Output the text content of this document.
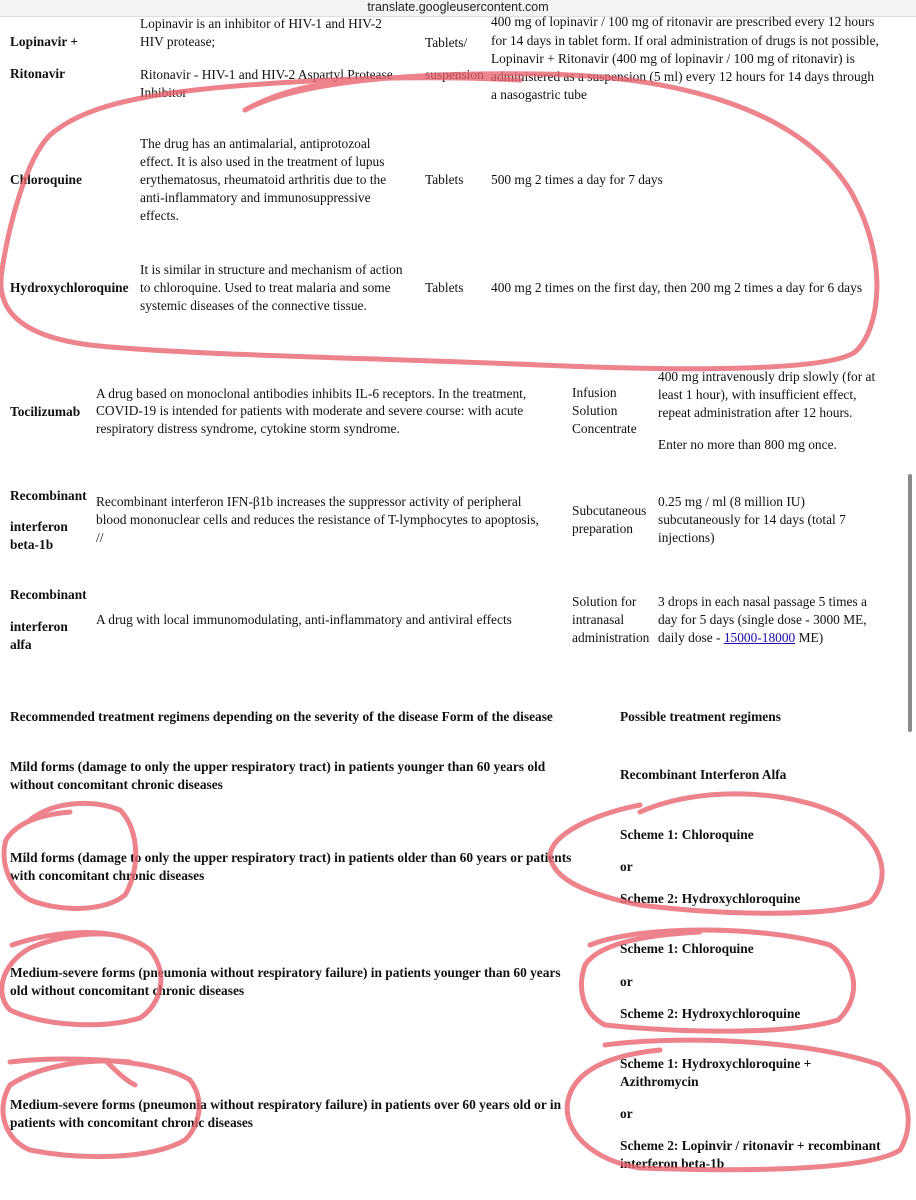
translate.googleusercontent.com
Lopinavir +
Ritonavir
Lopinavir is an inhibitor of HIV-1 and HIV-2
HIV protease;
Ritonavir - HIV-1 and HIV-2 Aspartyl Protease
Inhibitor
Tablets/
suspension
400 mg of lopinavir / 100 mg of ritonavir are prescribed every 12 hours
for 14 days in tablet form. If oral administration of drugs is not possible,
Lopinavir + Ritonavir (400 mg of lopinavir / 100 mg of ritonavir) is
administered as a suspension (5 ml) every 12 hours for 14 days through
a nasogastric tube
Chloroquine
The drug has an antimalarial, antiprotozoal
effect. It is also used in the treatment of lupus
erythematosus, rheumatoid arthritis due to the
anti-inflammatory and immunosuppressive
effects.
Tablets 500 mg 2 times a day for 7 days
Hydroxychloroquine
It is similar in structure and mechanism of action
to chloroquine. Used to treat malaria and some
systemic diseases of the connective tissue.
Tablets 400 mg 2 times on the first day, then 200 mg 2 times a day for 6 days
Tocilizumab
A drug based on monoclonal antibodies inhibits IL-6 receptors. In the treatment,
COVID-19 is intended for patients with moderate and severe course: with acute
respiratory distress syndrome, cytokine storm syndrome.
Infusion
Solution
Concentrate
400 mg intravenously drip slowly (for at
least 1 hour), with insufficient effect,
repeat administration after 12 hours.
Enter no more than 800 mg once.
Recombinant
interferon
beta-1b
Recombinant interferon IFN-β1b increases the suppressor activity of peripheral
blood mononuclear cells and reduces the resistance of T-lymphocytes to apoptosis,
//
Subcutaneous
preparation
0.25 mg / ml (8 million IU)
subcutaneously for 14 days (total 7
injections)
Recombinant
interferon
alfa
A drug with local immunomodulating, anti-inflammatory and antiviral effects
Solution for
intranasal
administration
3 drops in each nasal passage 5 times a
day for 5 days (single dose - 3000 ME,
daily dose - 15000-18000 ME)
Recommended treatment regimens depending on the severity of the disease Form of the disease	Possible treatment regimens
Mild forms (damage to only the upper respiratory tract) in patients younger than 60 years old
without concomitant chronic diseases
Recombinant Interferon Alfa
Mild forms (damage to only the upper respiratory tract) in patients older than 60 years or patients
with concomitant chronic diseases
Scheme 1: Chloroquine
or
Scheme 2: Hydroxychloroquine
Medium-severe forms (pneumonia without respiratory failure) in patients younger than 60 years
old without concomitant chronic diseases
Scheme 1: Chloroquine
or
Scheme 2: Hydroxychloroquine
Medium-severe forms (pneumonia without respiratory failure) in patients over 60 years old or in
patients with concomitant chronic diseases
Scheme 1: Hydroxychloroquine +
Azithromycin
or
Scheme 2: Lopinvir / ritonavir + recombinant
interferon beta-1b
